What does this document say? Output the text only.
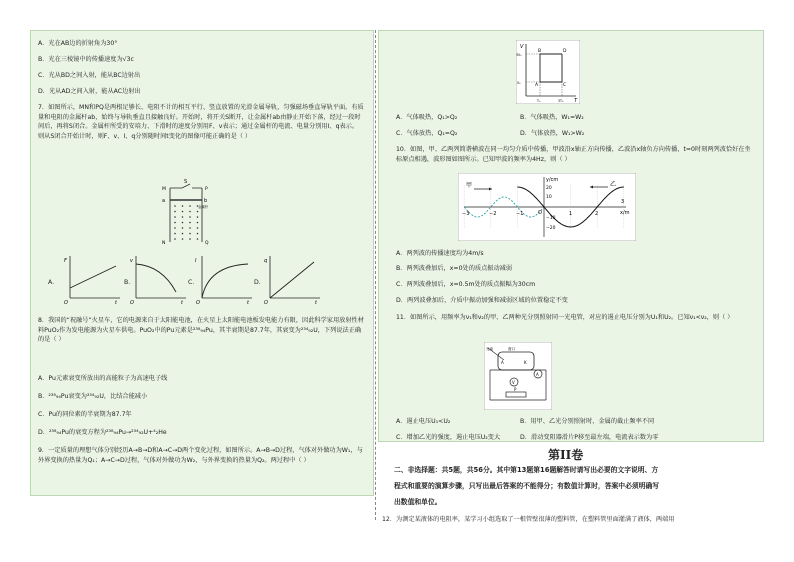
A．光在AB边的折射角为30°
B．光在三棱镜中的传播速度为√3c
C．光从BD之间入射，能从BC边射出
D．光从AD之间入射，能从AC边射出
7．如图所示，MN和PQ是两根足够长、电阻不计的相互平行、竖直放置的光滑金属导轨，匀强磁场垂直导轨平面。有质量和电阻的金属杆ab，始终与导轨垂直且接触良好。开始时，将开关S断开，让金属杆ab由静止开始下落，经过一段时间后，再将S闭合。金属杆所受的安培力、下滑时的速度分别用F、v表示；通过金属杆的电流、电量分别用I、q表示。则从S闭合开始计时，则F、v、I、q分别随时间t变化的图像可能正确的是（ ）
S
a	b
金属杆
M
N
P
Q
A．
F
O	t
B．
v
O	t
C．
I
O	t
D．
q
O	t
8．我国的“祝融号”火星车，它的电源来自于太阳能电池，在火星上太阳能电池板发电能力有限，因此科学家用放射性材料PuO₂作为发电能源为火星车供电。PuO₂中的Pu元素是²³⁸₉₄Pu，其半衰期是87.7年，其衰变为²³⁴₉₂U，下列说法正确的是（ ）
A．Pu元素衰变所放出的高能粒子为高速电子线
B．²³⁸₉₄Pu衰变为²³⁴₉₂U，比结合能减小
C．Pu的同位素的半衰期为87.7年
D．²³⁸₉₄Pu的衰变方程为²³⁸₉₄Pu→²³⁴₉₂U+⁴₂He
9．一定质量的理想气体分别经历A→B→D和A→C→D两个变化过程，如图所示。A→B→D过程，气体对外做功为W₁，与外界变换的热量为Q₁；A→C→D过程，气体对外做功为W₂，与外界变换的热量为Q₂。两过程中（ ）
V
T
A
B
C
D
3V₀
V₀
T₀	3T₀
A．气体吸热，Q₁>Q₂	B．气体吸热，W₁=W₂
C．气体放热，Q₁=Q₂	D．气体放热，W₁>W₂
10．如图，甲、乙两列简谐横波在同一均匀介质中传播，甲波沿x轴正方向传播，乙波沿x轴负方向传播，t=0时刻两列波恰好在坐标原点相遇，波形图如图所示。已知甲波的频率为4Hz，则（ ）
甲	乙
y/cm
x/m
O
−3	−2	−1	1	2
3
20
10
−10
−20
A．两列波的传播速度均为4m/s
B．两列波叠加后，x=0处的质点振动减弱
C．两列波叠加后，x=0.5m处的质点振幅为30cm
D．两列波叠加后，介质中振动加强和减弱区域的位置稳定不变
11．如图所示，用频率为ν₁和ν₂的甲、乙两种光分别照射同一光电管，对应的遏止电压分别为U₁和U₂。已知ν₁<ν₂，则（ ）
光束	窗口
K
A
V
A
P
A．遏止电压U₁<U₂	B．用甲、乙光分别照射时，金属的截止频率不同
C．增加乙光的强度，遏止电压U₂变大	D．滑动变阻器滑片P移至最左端，电流表示数为零
第II卷
二、非选择题：共5题，共56分。其中第13题第16题解答时请写出必要的文字说明、方
程式和重要的演算步骤，只写出最后答案的不能得分；有数值计算时，答案中必须明确写
出数值和单位。
12．为测定某液体的电阻率，某学习小组选取了一根管壁很薄的塑料管，在塑料管里面灌满了液体，两端用
